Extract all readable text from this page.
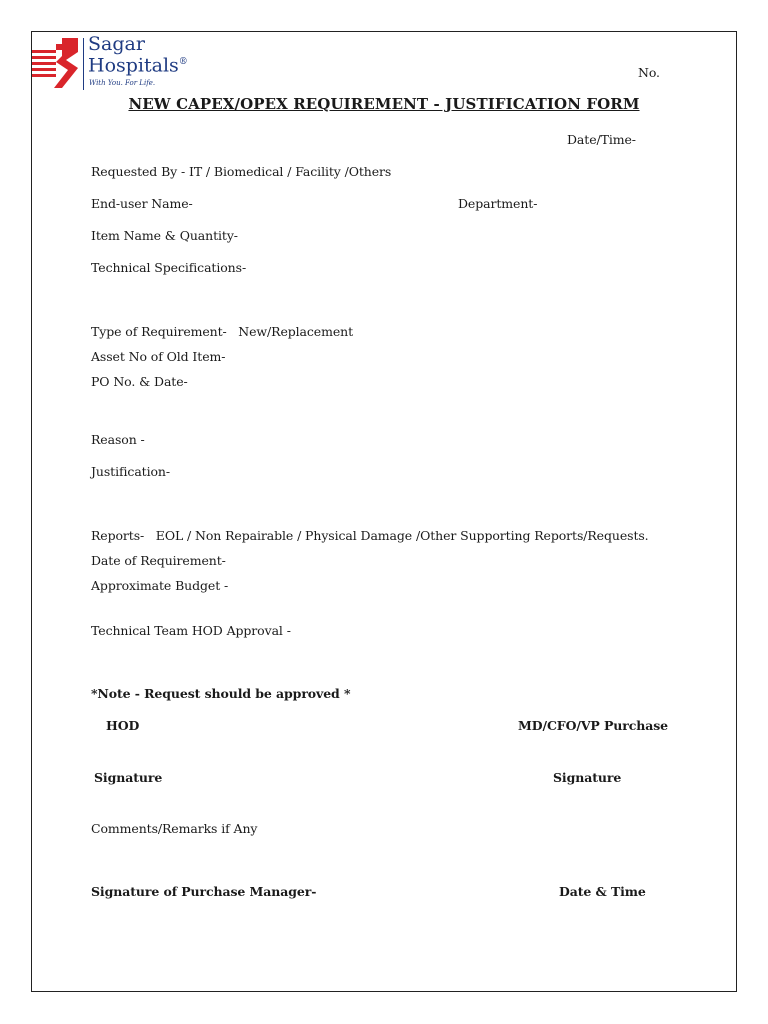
Sagar
Hospitals®
With You. For Life.
No.
NEW CAPEX/OPEX REQUIREMENT - JUSTIFICATION FORM
Date/Time-
Requested By - IT / Biomedical / Facility /Others
End-user Name-	Department-
Item Name & Quantity-
Technical Specifications-
Type of Requirement-   New/Replacement
Asset No of Old Item-
PO No. & Date-
Reason -
Justification-
Reports-   EOL / Non Repairable / Physical Damage /Other Supporting Reports/Requests.
Date of Requirement-
Approximate Budget -
Technical Team HOD Approval -
*Note - Request should be approved *
HOD	MD/CFO/VP Purchase
Signature	Signature
Comments/Remarks if Any
Signature of Purchase Manager-	Date & Time
